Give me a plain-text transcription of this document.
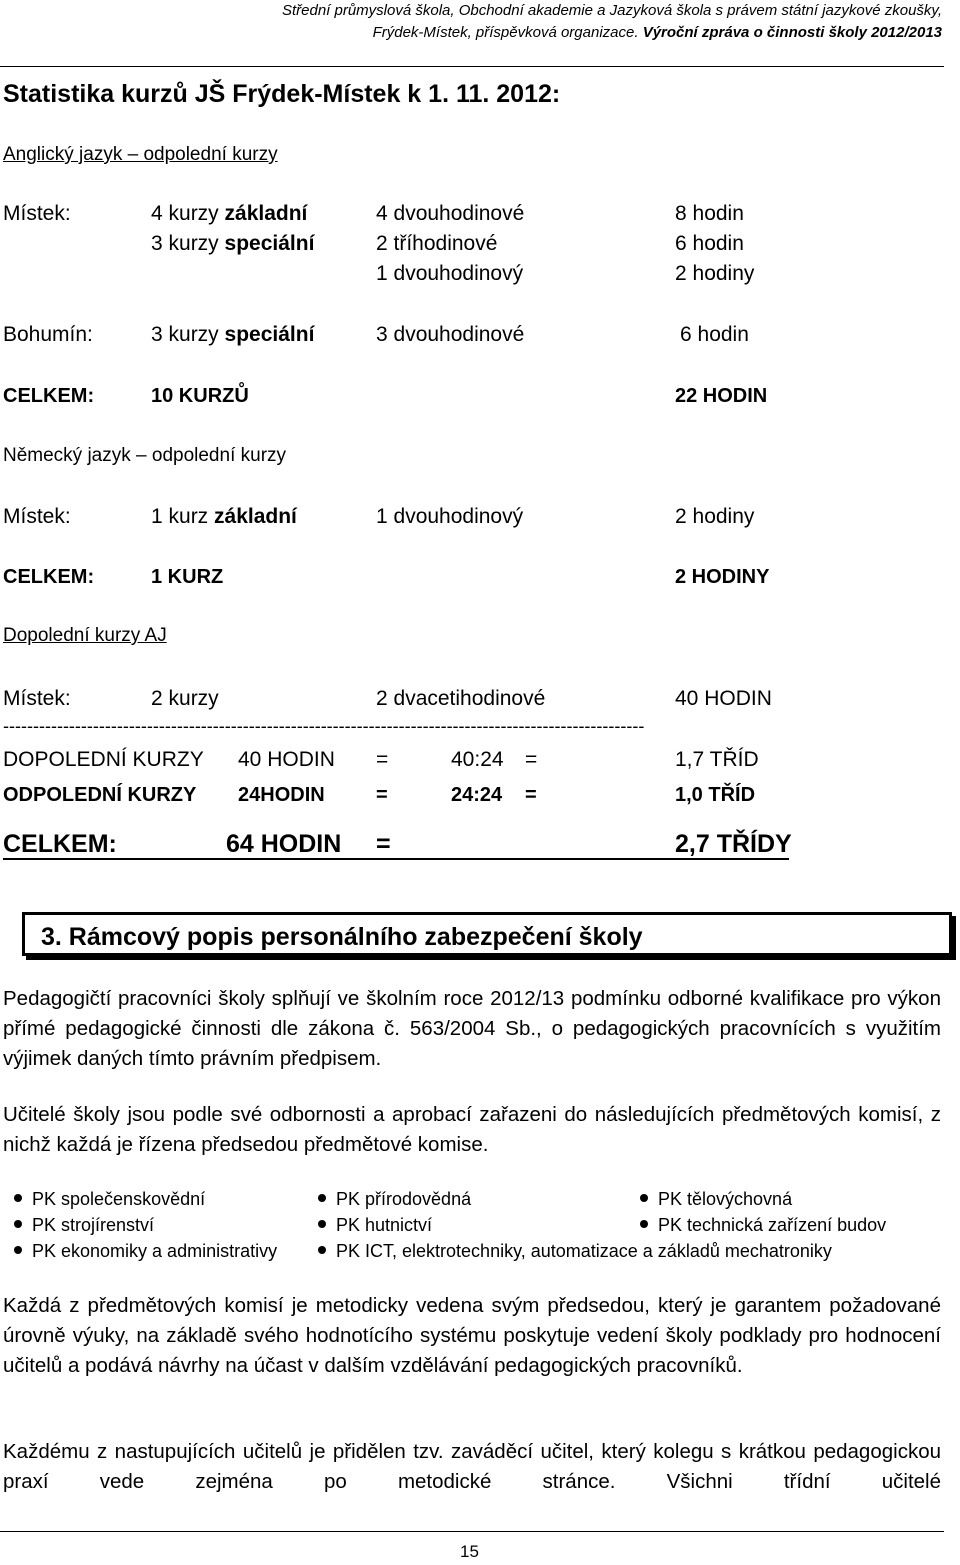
Střední průmyslová škola, Obchodní akademie a Jazyková škola s právem státní jazykové zkoušky,
Frýdek-Místek, příspěvková organizace. Výroční zpráva o činnosti školy 2012/2013
Statistika kurzů JŠ Frýdek-Místek k 1. 11. 2012:
Anglický jazyk – odpolední kurzy
Místek:	4 kurzy základní	4 dvouhodinové	8 hodin
3 kurzy speciální	2 tříhodinové	6 hodin
1 dvouhodinový	2 hodiny
Bohumín:	3 kurzy speciální	3 dvouhodinové	6 hodin
CELKEM:	10 KURZŮ	22 HODIN
Německý jazyk – odpolední kurzy
Místek:	1 kurz základní	1 dvouhodinový	2 hodiny
CELKEM:	1 KURZ	2 HODINY
Dopolední kurzy AJ
Místek:	2 kurzy	2 dvacetihodinové	40 HODIN
-----------------------------------------------------------------------------------------------------------
DOPOLEDNÍ KURZY 40 HODIN =	40:24 =	1,7 TŘÍD
ODPOLEDNÍ KURZY 24HODIN	=	24:24 =	1,0 TŘÍD
CELKEM:	64 HODIN =	2,7 TŘÍDY
3. Rámcový popis personálního zabezpečení školy
Pedagogičtí pracovníci školy splňují ve školním roce 2012/13 podmínku odborné kvalifikace pro výkon přímé pedagogické činnosti dle zákona č. 563/2004 Sb., o pedagogických pracovnících s využitím výjimek daných tímto právním předpisem.
Učitelé školy jsou podle své odbornosti a aprobací zařazeni do následujících předmětových komisí, z nichž každá je řízena předsedou předmětové komise.
PK společenskovědní	PK přírodovědná	PK tělovýchovná
PK strojírenství	PK hutnictví	PK technická zařízení budov
PK ekonomiky a administrativy	PK ICT, elektrotechniky, automatizace a základů mechatroniky
Každá z předmětových komisí je metodicky vedena svým předsedou, který je garantem požadované úrovně výuky, na základě svého hodnotícího systému poskytuje vedení školy podklady pro hodnocení učitelů a podává návrhy na účast v dalším vzdělávání pedagogických pracovníků.
Každému z nastupujících učitelů je přidělen tzv. zaváděcí učitel, který kolegu s krátkou pedagogickou praxí vede zejména po metodické stránce. Všichni třídní učitelé
15
